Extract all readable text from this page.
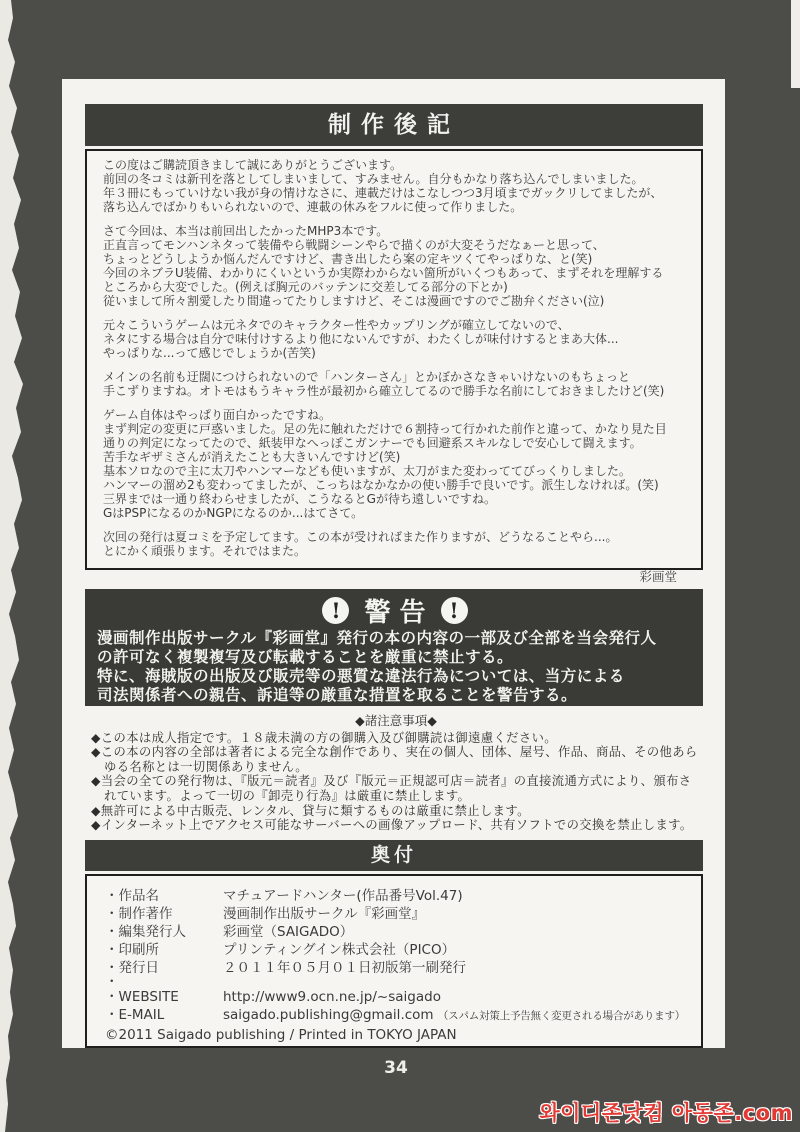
制作後記
この度はご購読頂きまして誠にありがとうございます。
前回の冬コミは新刊を落としてしまいまして、すみません。自分もかなり落ち込んでしまいました。
年３冊にもっていけない我が身の情けなさに、連載だけはこなしつつ3月頃までガックリしてましたが、
落ち込んでばかりもいられないので、連載の休みをフルに使って作りました。
さて今回は、本当は前回出したかったMHP3本です。
正直言ってモンハンネタって装備やら戦闘シーンやらで描くのが大変そうだなぁーと思って、
ちょっとどうしようか悩んだんですけど、書き出したら案の定キツくてやっぱりな、と(笑)
今回のネブラU装備、わかりにくいというか実際わからない箇所がいくつもあって、まずそれを理解する
ところから大変でした。(例えば胸元のバッテンに交差してる部分の下とか)
従いまして所々割愛したり間違ってたりしますけど、そこは漫画ですのでご勘弁ください(泣)
元々こういうゲームは元ネタでのキャラクター性やカップリングが確立してないので、
ネタにする場合は自分で味付けするより他にないんですが、わたくしが味付けするとまあ大体...
やっぱりな...って感じでしょうか(苦笑)
メインの名前も迂闊につけられないので「ハンターさん」とかぼかさなきゃいけないのもちょっと
手こずりますね。オトモはもうキャラ性が最初から確立してるので勝手な名前にしておきましたけど(笑)
ゲーム自体はやっぱり面白かったですね。
まず判定の変更に戸惑いました。足の先に触れただけで６割持って行かれた前作と違って、かなり見た目
通りの判定になってたので、紙装甲なへっぽこガンナーでも回避系スキルなしで安心して闘えます。
苦手なギザミさんが消えたことも大きいんですけど(笑)
基本ソロなので主に太刀やハンマーなども使いますが、太刀がまた変わっててびっくりしました。
ハンマーの溜め2も変わってましたが、こっちはなかなかの使い勝手で良いです。派生しなければ。(笑)
三界までは一通り終わらせましたが、こうなるとGが待ち遠しいですね。
GはPSPになるのかNGPになるのか...はてさて。
次回の発行は夏コミを予定してます。この本が受ければまた作りますが、どうなることやら...。
とにかく頑張ります。それではまた。
彩画堂
! 警告 !
漫画制作出版サークル『彩画堂』発行の本の内容の一部及び全部を当会発行人
の許可なく複製複写及び転載することを厳重に禁止する。
特に、海賊版の出版及び販売等の悪質な違法行為については、当方による
司法関係者への親告、訴追等の厳重な措置を取ることを警告する。
◆諸注意事項◆
◆この本は成人指定です。１８歳未満の方の御購入及び御購読は御遠慮ください。
◆この本の内容の全部は著者による完全な創作であり、実在の個人、団体、屋号、作品、商品、その他あらゆる名称とは一切関係ありません。
◆当会の全ての発行物は、『版元＝読者』及び『版元＝正規認可店＝読者』の直接流通方式により、頒布されています。よって一切の『卸売り行為』は厳重に禁止します。
◆無許可による中古販売、レンタル、貸与に類するものは厳重に禁止します。
◆インターネット上でアクセス可能なサーバーへの画像アップロード、共有ソフトでの交換を禁止します。
奥付
・作品名	マチュアードハンター(作品番号Vol.47)
・制作著作	漫画制作出版サークル『彩画堂』
・編集発行人	彩画堂（SAIGADO）
・印刷所	プリンティングイン株式会社（PICO）
・発行日	２０１１年０５月０１日初版第一刷発行
・
・WEBSITE	http://www9.ocn.ne.jp/~saigado
・E-MAIL	saigado.publishing@gmail.com （スパム対策上予告無く変更される場合があります）
©2011 Saigado publishing / Printed in TOKYO JAPAN
34
와이디존닷컴 아동존.com
